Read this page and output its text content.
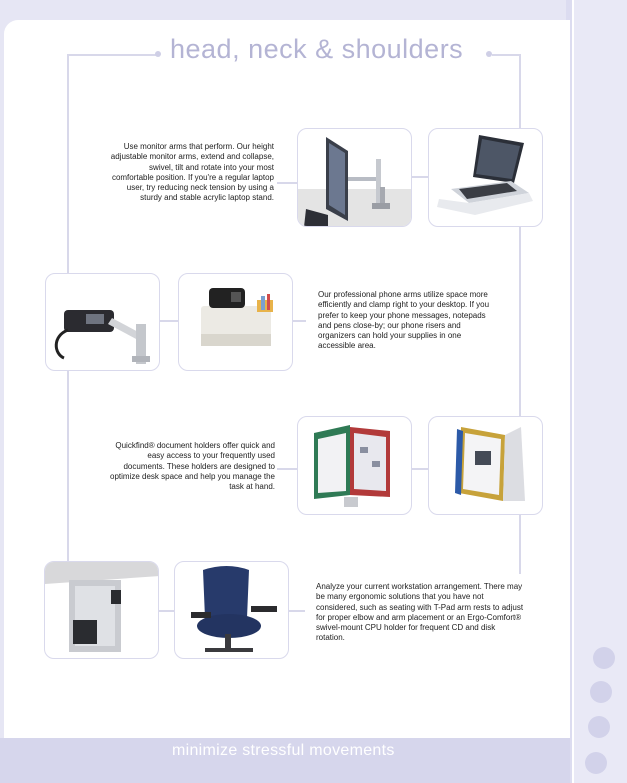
head, neck & shoulders
Use monitor arms that perform. Our height adjustable monitor arms, extend and collapse, swivel, tilt and rotate into your most comfortable position. If you're a regular laptop user, try reducing neck tension by using a sturdy and stable acrylic laptop stand.
Our professional phone arms utilize space more efficiently and clamp right to your desktop. If you prefer to keep your phone messages, notepads and pens close-by; our phone risers and organizers can hold your supplies in one accessible area.
Quickfind® document holders offer quick and easy access to your frequently used documents. These holders are designed to optimize desk space and help you manage the task at hand.
Analyze your current workstation arrangement. There may be many ergonomic solutions that you have not considered, such as seating with T-Pad arm rests to adjust for proper elbow and arm placement or an Ergo-Comfort® swivel-mount CPU holder for frequent CD and disk rotation.
minimize stressful movements
